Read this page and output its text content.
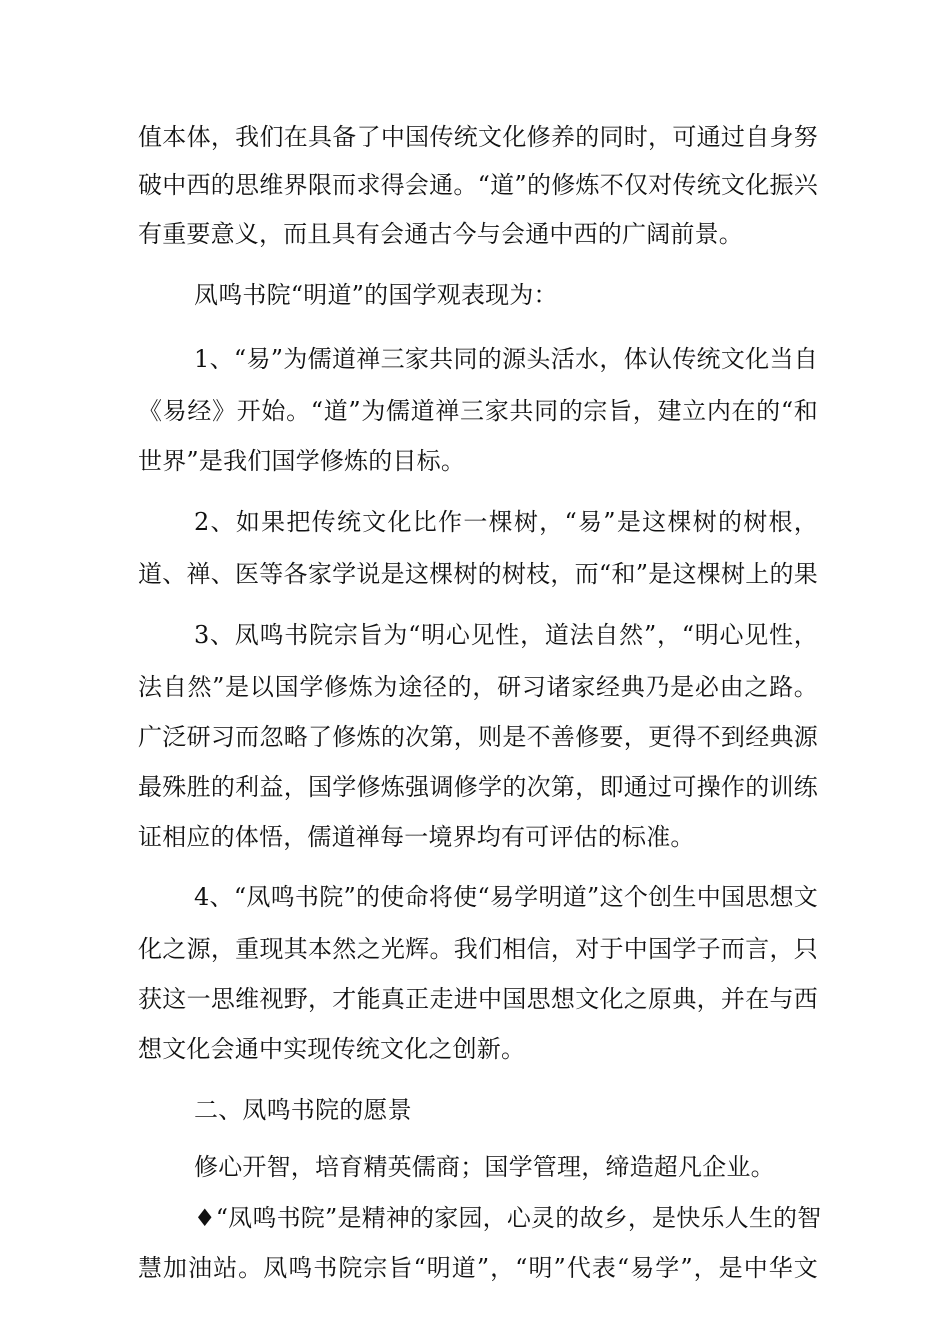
值本体，我们在具备了中国传统文化修养的同时，可通过自身努
破中西的思维界限而求得会通。“道”的修炼不仅对传统文化振兴
有重要意义，而且具有会通古今与会通中西的广阔前景。
凤鸣书院“明道”的国学观表现为：
1、“易”为儒道禅三家共同的源头活水，体认传统文化当自
《易经》开始。“道”为儒道禅三家共同的宗旨，建立内在的“和
世界”是我们国学修炼的目标。
2、如果把传统文化比作一棵树，“易”是这棵树的树根，
道、禅、医等各家学说是这棵树的树枝，而“和”是这棵树上的果
3、凤鸣书院宗旨为“明心见性，道法自然”，“明心见性，
法自然”是以国学修炼为途径的，研习诸家经典乃是必由之路。
广泛研习而忽略了修炼的次第，则是不善修要，更得不到经典源
最殊胜的利益，国学修炼强调修学的次第，即通过可操作的训练
证相应的体悟，儒道禅每一境界均有可评估的标准。
4、“凤鸣书院”的使命将使“易学明道”这个创生中国思想文
化之源，重现其本然之光辉。我们相信，对于中国学子而言，只
获这一思维视野，才能真正走进中国思想文化之原典，并在与西
想文化会通中实现传统文化之创新。
二、凤鸣书院的愿景
修心开智，培育精英儒商；国学管理，缔造超凡企业。
♦“凤鸣书院”是精神的家园，心灵的故乡，是快乐人生的智
慧加油站。凤鸣书院宗旨“明道”，“明”代表“易学”，是中华文
